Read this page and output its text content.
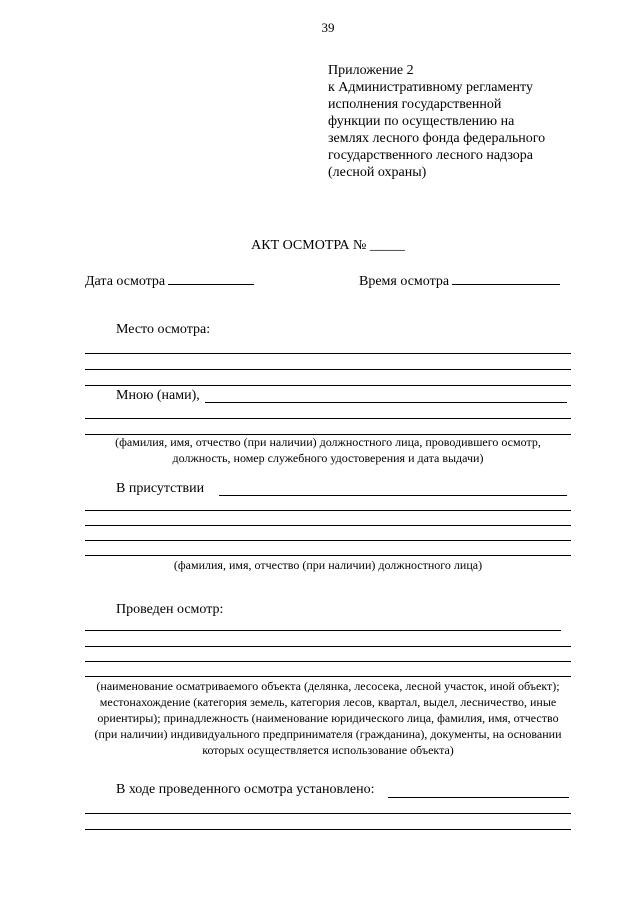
39
Приложение 2
к Административному регламенту
исполнения государственной
функции по осуществлению на
землях лесного фонда федерального
государственного лесного надзора
(лесной охраны)
АКТ ОСМОТРА № _____
Дата осмотра	Время осмотра
Место осмотра:
Мною (нами),
(фамилия, имя, отчество (при наличии) должностного лица, проводившего осмотр, должность, номер служебного удостоверения и дата выдачи)
В присутствии
(фамилия, имя, отчество (при наличии) должностного лица)
Проведен осмотр:
(наименование осматриваемого объекта (делянка, лесосека, лесной участок, иной объект); местонахождение (категория земель, категория лесов, квартал, выдел, лесничество, иные ориентиры); принадлежность (наименование юридического лица, фамилия, имя, отчество (при наличии) индивидуального предпринимателя (гражданина), документы, на основании которых осуществляется использование объекта)
В ходе проведенного осмотра установлено:
